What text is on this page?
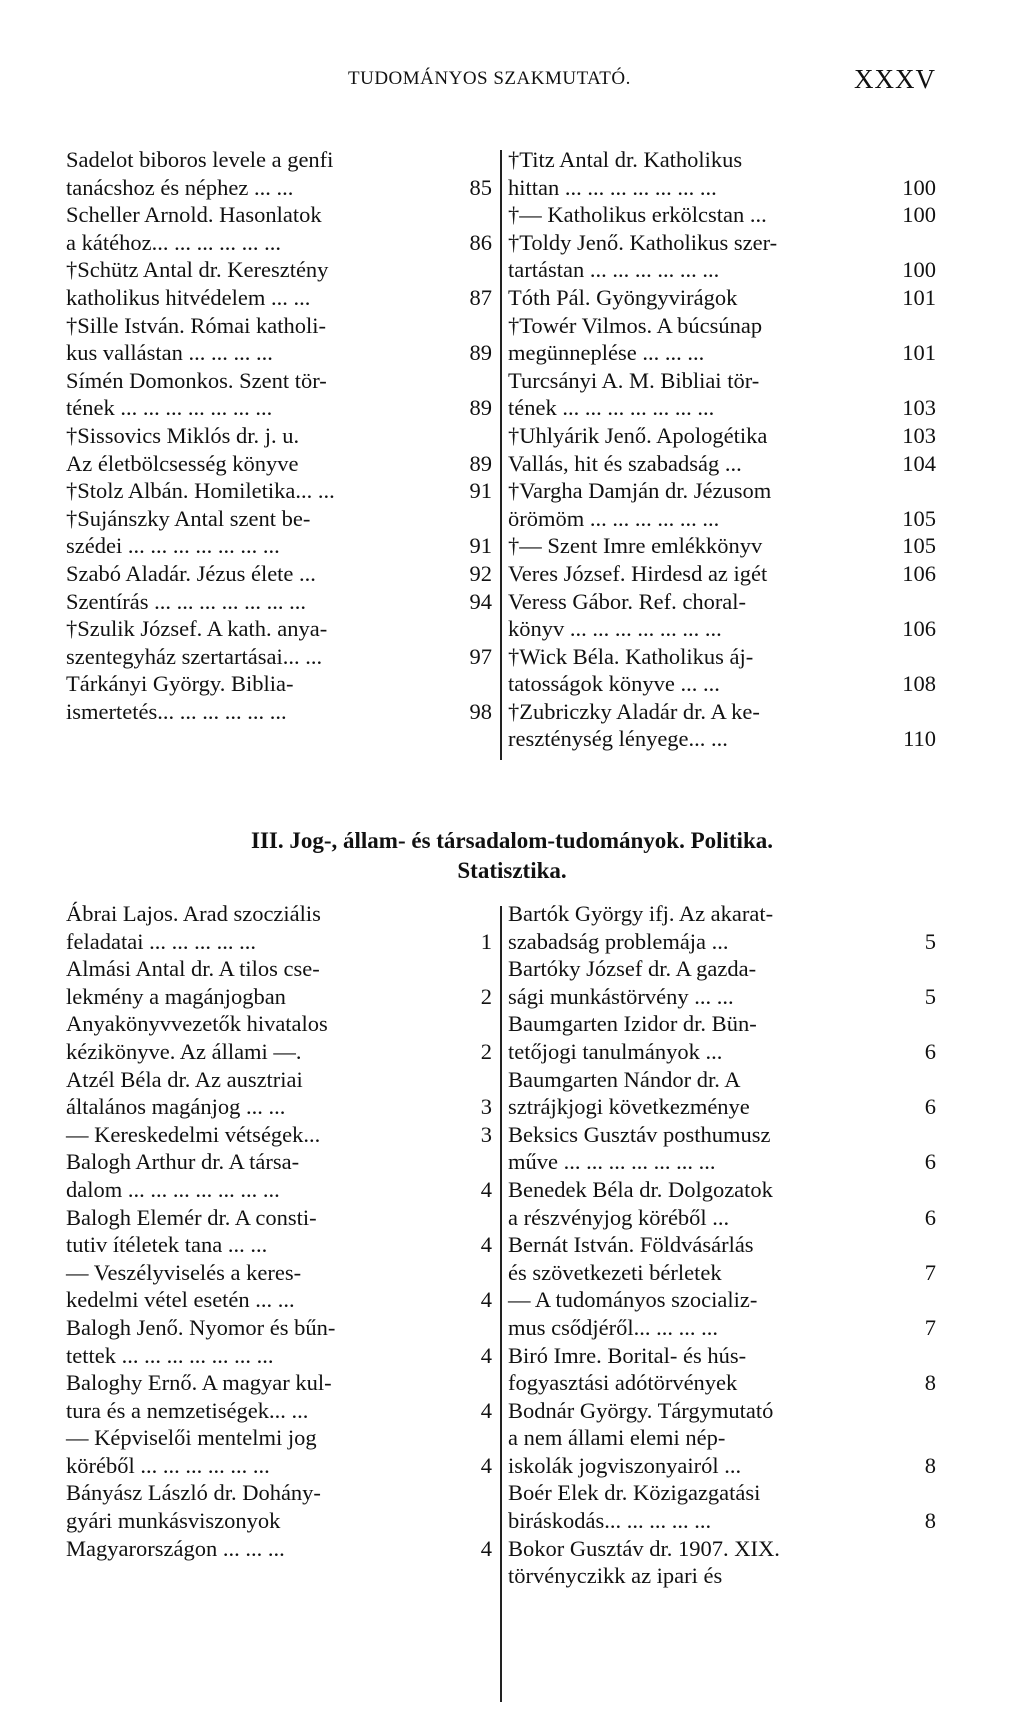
TUDOMÁNYOS SZAKMUTATÓ.	XXXV
Sadelot biboros levele a genfi
tanácshoz és néphez ... ...	85
Scheller Arnold. Hasonlatok
a kátéhoz... ... ... ... ... ...	86
†Schütz Antal dr. Keresztény
katholikus hitvédelem ... ...	87
†Sille István. Római katholi-
kus vallástan ... ... ... ...	89
Símén Domonkos. Szent tör-
tének ... ... ... ... ... ... ...	89
†Sissovics Miklós dr. j. u.
Az életbölcsesség könyve	89
†Stolz Albán. Homiletika... ...	91
†Sujánszky Antal szent be-
szédei ... ... ... ... ... ... ...	91
Szabó Aladár. Jézus élete ...	92
Szentírás ... ... ... ... ... ... ...	94
†Szulik József. A kath. anya-
szentegyház szertartásai... ...	97
Tárkányi György. Biblia-
ismertetés... ... ... ... ... ...	98
†Titz Antal dr. Katholikus
hittan ... ... ... ... ... ... ...	100
†— Katholikus erkölcstan ...	100
†Toldy Jenő. Katholikus szer-
tartástan ... ... ... ... ... ...	100
Tóth Pál. Gyöngyvirágok	101
†Towér Vilmos. A búcsúnap
megünneplése ... ... ...	101
Turcsányi A. M. Bibliai tör-
tének ... ... ... ... ... ... ...	103
†Uhlyárik Jenő. Apologétika	103
Vallás, hit és szabadság ...	104
†Vargha Damján dr. Jézusom
örömöm ... ... ... ... ... ...	105
†— Szent Imre emlékkönyv	105
Veres József. Hirdesd az igét	106
Veress Gábor. Ref. choral-
könyv ... ... ... ... ... ... ...	106
†Wick Béla. Katholikus áj-
tatosságok könyve ... ...	108
†Zubriczky Aladár dr. A ke-
reszténység lényege... ...	110
III. Jog-, állam- és társadalom-tudományok. Politika.
Statisztika.
Ábrai Lajos. Arad szocziális
feladatai ... ... ... ... ...	1
Almási Antal dr. A tilos cse-
lekmény a magánjogban	2
Anyakönyvvezetők hivatalos
kézikönyve. Az állami —.	2
Atzél Béla dr. Az ausztriai
általános magánjog ... ...	3
— Kereskedelmi vétségek...	3
Balogh Arthur dr. A társa-
dalom ... ... ... ... ... ... ...	4
Balogh Elemér dr. A consti-
tutiv ítéletek tana ... ...	4
— Veszélyviselés a keres-
kedelmi vétel esetén ... ...	4
Balogh Jenő. Nyomor és bűn-
tettek ... ... ... ... ... ... ...	4
Baloghy Ernő. A magyar kul-
tura és a nemzetiségek... ...	4
— Képviselői mentelmi jog
köréből ... ... ... ... ... ...	4
Bányász László dr. Dohány-
gyári munkásviszonyok
Magyarországon ... ... ...	4
Bartók György ifj. Az akarat-
szabadság problemája ...	5
Bartóky József dr. A gazda-
sági munkástörvény ... ...	5
Baumgarten Izidor dr. Bün-
tetőjogi tanulmányok ...	6
Baumgarten Nándor dr. A
sztrájkjogi következménye	6
Beksics Gusztáv posthumusz
műve ... ... ... ... ... ... ...	6
Benedek Béla dr. Dolgozatok
a részvényjog köréből ...	6
Bernát István. Földvásárlás
és szövetkezeti bérletek	7
— A tudományos szocializ-
mus csődjéről... ... ... ...	7
Biró Imre. Borital- és hús-
fogyasztási adótörvények	8
Bodnár György. Tárgymutató
a nem állami elemi nép-
iskolák jogviszonyairól ...	8
Boér Elek dr. Közigazgatási
biráskodás... ... ... ... ...	8
Bokor Gusztáv dr. 1907. XIX.
törvényczikk az ipari és
